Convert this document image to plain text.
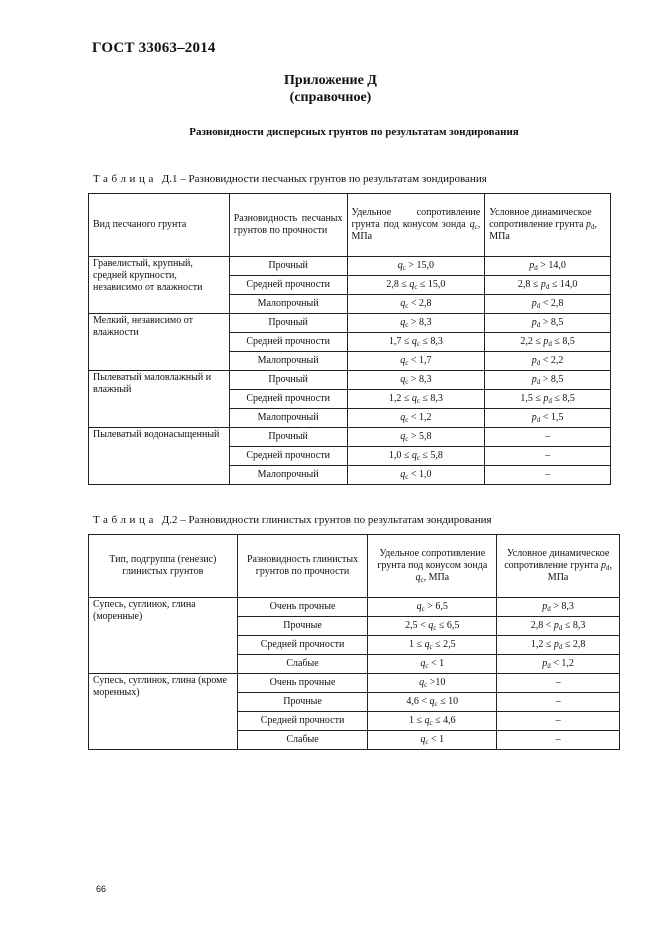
ГОСТ 33063–2014
Приложение Д
(справочное)
Разновидности дисперсных грунтов по результатам зондирования
Таблица Д.1 – Разновидности песчаных грунтов по результатам зондирования
Вид песчаного грунта	Разновидность песчаных грунтов по прочности	Удельное сопротивление грунта под конусом зонда $q_c$, МПа	Условное динамическое сопротивление грунта $p_d$, МПа
Гравелистый, крупный, средней крупности, независимо от влажности	Прочный	$q_c > 15,0$	$p_d > 14,0$
	Средней прочности	$2,8 \le q_c \le 15,0$	$2,8 \le p_d \le 14,0$
	Малопрочный	$q_c < 2,8$	$p_d < 2,8$
Мелкий, независимо от влажности	Прочный	$q_c > 8,3$	$p_d > 8,5$
	Средней прочности	$1,7 \le q_c \le 8,3$	$2,2 \le p_d \le 8,5$
	Малопрочный	$q_c < 1,7$	$p_d < 2,2$
Пылеватый маловлажный и влажный	Прочный	$q_c > 8,3$	$p_d > 8,5$
	Средней прочности	$1,2 \le q_c \le 8,3$	$1,5 \le p_d \le 8,5$
	Малопрочный	$q_c < 1,2$	$p_d < 1,5$
Пылеватый водонасыщенный	Прочный	$q_c > 5,8$	–
	Средней прочности	$1,0 \le q_c \le 5,8$	–
	Малопрочный	$q_c < 1,0$	–
Таблица Д.2 – Разновидности глинистых грунтов по результатам зондирования
Тип, подгруппа (генезис) глинистых грунтов	Разновидность глинистых грунтов по прочности	Удельное сопротивление грунта под конусом зонда $q_c$, МПа	Условное динамическое сопротивление грунта $p_d$, МПа
Супесь, суглинок, глина (моренные)	Очень прочные	$q_c > 6,5$	$p_d > 8,3$
	Прочные	$2,5 < q_c \le 6,5$	$2,8 < p_d \le 8,3$
	Средней прочности	$1 \le q_c \le 2,5$	$1,2 \le p_d \le 2,8$
	Слабые	$q_c < 1$	$p_d < 1,2$
Супесь, суглинок, глина (кроме моренных)	Очень прочные	$q_c >10$	–
	Прочные	$4,6 < q_c \le 10$	–
	Средней прочности	$1 \le q_c \le 4,6$	–
	Слабые	$q_c < 1$	–
66
